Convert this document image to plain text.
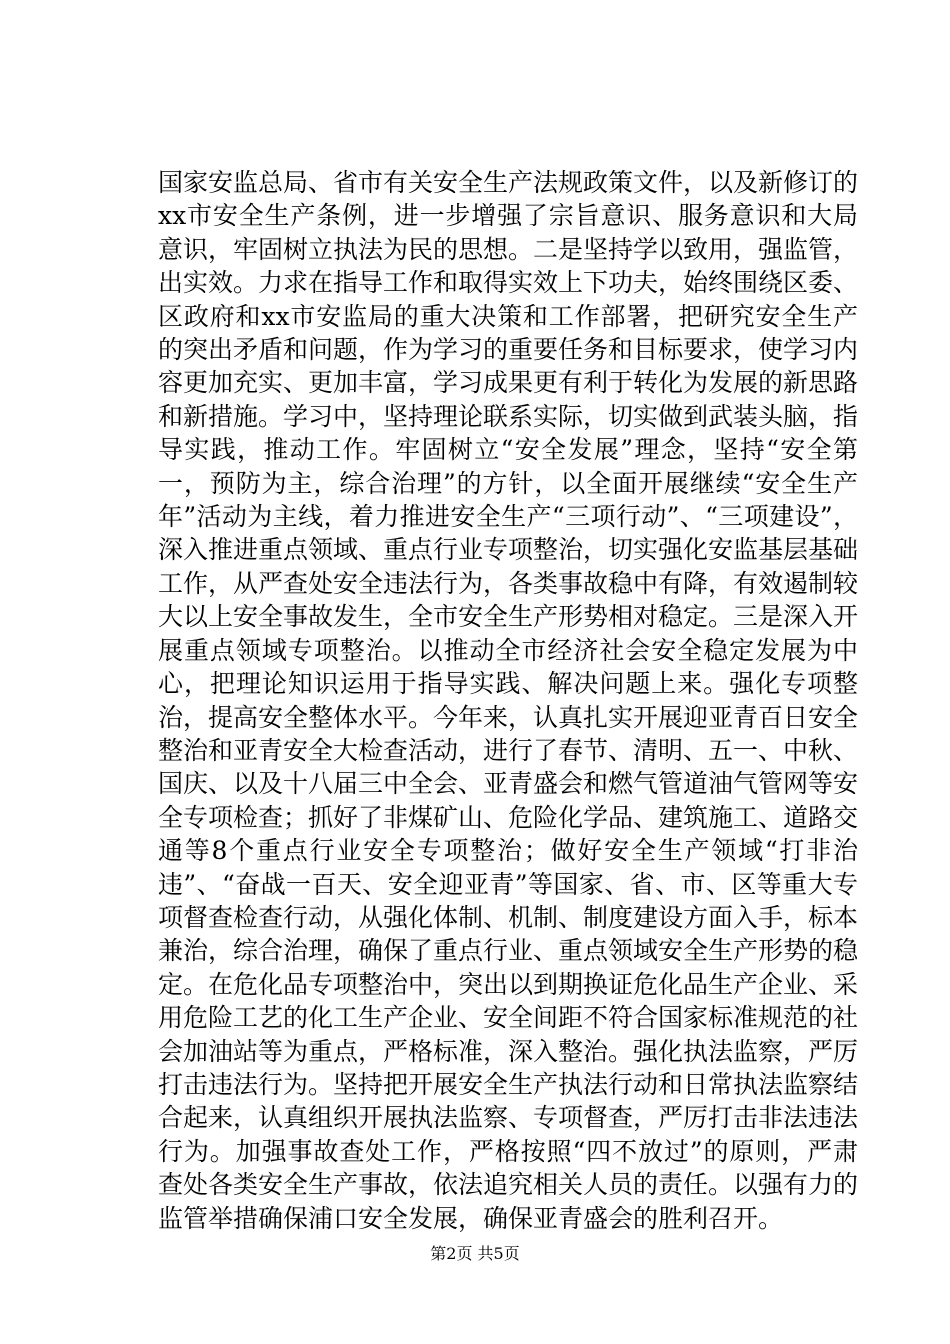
国家安监总局、省市有关安全生产法规政策文件，以及新修订的xx市安全生产条例，进一步增强了宗旨意识、服务意识和大局意识，牢固树立执法为民的思想。二是坚持学以致用，强监管，出实效。力求在指导工作和取得实效上下功夫，始终围绕区委、区政府和xx市安监局的重大决策和工作部署，把研究安全生产的突出矛盾和问题，作为学习的重要任务和目标要求，使学习内容更加充实、更加丰富，学习成果更有利于转化为发展的新思路和新措施。学习中，坚持理论联系实际，切实做到武装头脑，指导实践，推动工作。牢固树立“安全发展”理念，坚持“安全第一，预防为主，综合治理”的方针，以全面开展继续“安全生产年”活动为主线，着力推进安全生产“三项行动”、“三项建设”，深入推进重点领域、重点行业专项整治，切实强化安监基层基础工作，从严查处安全违法行为，各类事故稳中有降，有效遏制较大以上安全事故发生，全市安全生产形势相对稳定。三是深入开展重点领域专项整治。以推动全市经济社会安全稳定发展为中心，把理论知识运用于指导实践、解决问题上来。强化专项整治，提高安全整体水平。今年来，认真扎实开展迎亚青百日安全整治和亚青安全大检查活动，进行了春节、清明、五一、中秋、国庆、以及十八届三中全会、亚青盛会和燃气管道油气管网等安全专项检查；抓好了非煤矿山、危险化学品、建筑施工、道路交通等8个重点行业安全专项整治；做好安全生产领域“打非治违”、“奋战一百天、安全迎亚青”等国家、省、市、区等重大专项督查检查行动，从强化体制、机制、制度建设方面入手，标本兼治，综合治理，确保了重点行业、重点领域安全生产形势的稳定。在危化品专项整治中，突出以到期换证危化品生产企业、采用危险工艺的化工生产企业、安全间距不符合国家标准规范的社会加油站等为重点，严格标准，深入整治。强化执法监察，严厉打击违法行为。坚持把开展安全生产执法行动和日常执法监察结合起来，认真组织开展执法监察、专项督查，严厉打击非法违法行为。加强事故查处工作，严格按照“四不放过”的原则，严肃查处各类安全生产事故，依法追究相关人员的责任。以强有力的监管举措确保浦口安全发展，确保亚青盛会的胜利召开。

第2页 共5页
